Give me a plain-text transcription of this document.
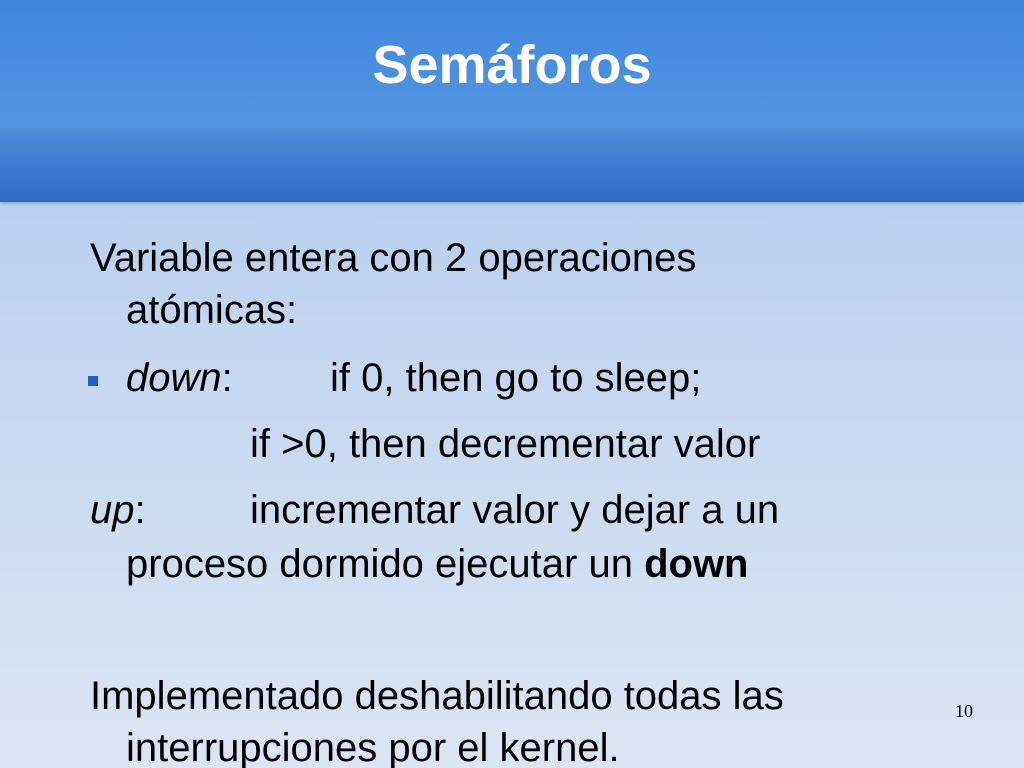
Semáforos
Variable entera con 2 operaciones
atómicas:
down: if 0, then go to sleep;
if >0, then decrementar valor
up:	incrementar valor y dejar a un
proceso dormido ejecutar un down
Implementado deshabilitando todas las
interrupciones por el kernel.
10
